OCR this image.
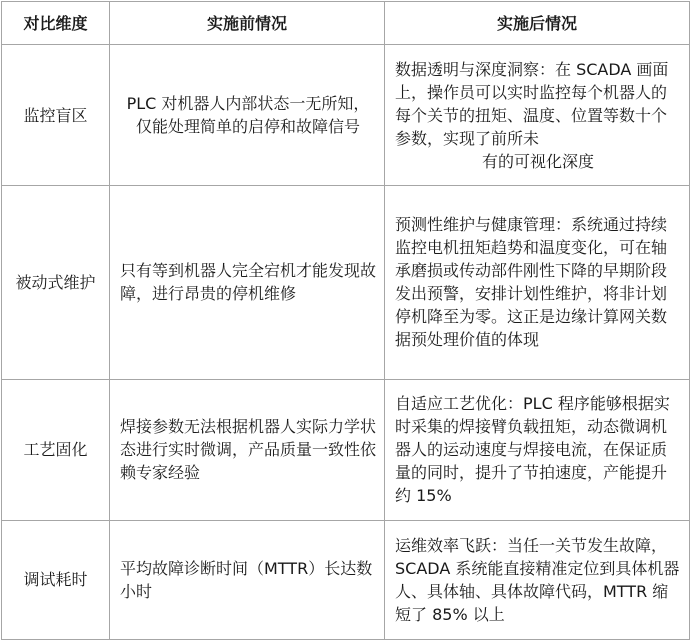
对比维度	实施前情况	实施后情况
监控盲区	PLC 对机器人内部状态一无所知，仅能处理简单的启停和故障信号	数据透明与深度洞察：在 SCADA 画面上，操作员可以实时监控每个机器人的每个关节的扭矩、温度、位置等数十个参数，实现了前所未
有的可视化深度

被动式维护	只有等到机器人完全宕机才能发现故障，进行昂贵的停机维修	预测性维护与健康管理：系统通过持续监控电机扭矩趋势和温度变化，可在轴承磨损或传动部件刚性下降的早期阶段发出预警，安排计划性维护，将非计划停机降至为零。这正是边缘计算网关数据预处理价值的体现
工艺固化	焊接参数无法根据机器人实际力学状态进行实时微调，产品质量一致性依赖专家经验	自适应工艺优化：PLC 程序能够根据实时采集的焊接臂负载扭矩，动态微调机器人的运动速度与焊接电流，在保证质量的同时，提升了节拍速度，产能提升约 15%
调试耗时	平均故障诊断时间（MTTR）长达数小时	运维效率飞跃：当任一关节发生故障，SCADA 系统能直接精准定位到具体机器人、具体轴、具体故障代码，MTTR 缩短了 85% 以上
